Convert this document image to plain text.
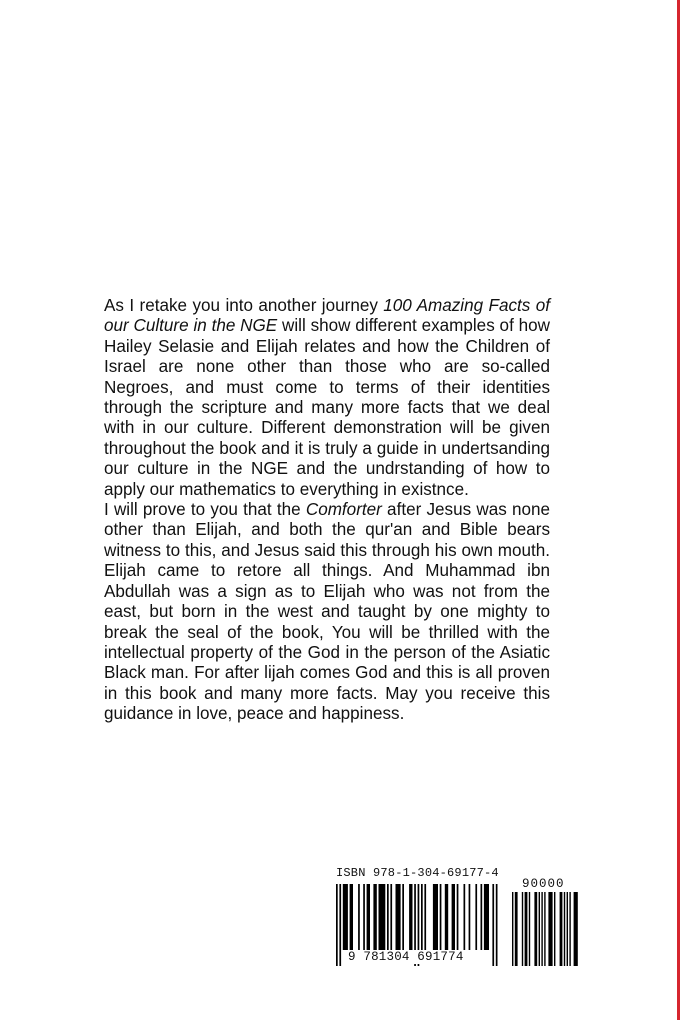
As I retake you into another journey 100 Amazing Facts of our Culture in the NGE will show different examples of how Hailey Selasie and Elijah relates and how the Children of Israel are none other than those who are so-called Negroes, and must come to terms of their identities through the scripture and many more facts that we deal with in our culture. Different demonstration will be given throughout the book and it is truly a guide in undertsanding our culture in the NGE and the undrstanding of how to apply our mathematics to everything in existnce.

I will prove to you that the Comforter after Jesus was none other than Elijah, and both the qur'an and Bible bears witness to this, and Jesus said this through his own mouth. Elijah came to retore all things. And Muhammad ibn Abdullah was a sign as to Elijah who was not from the east, but born in the west and taught by one mighty to break the seal of the book, You will be thrilled with the intellectual property of the God in the person of the Asiatic Black man. For after lijah comes God and this is all proven in this book and many more facts. May you receive this guidance in love, peace and happiness.

ISBN 978-1-304-69177-4
90000
9 781304 691774
